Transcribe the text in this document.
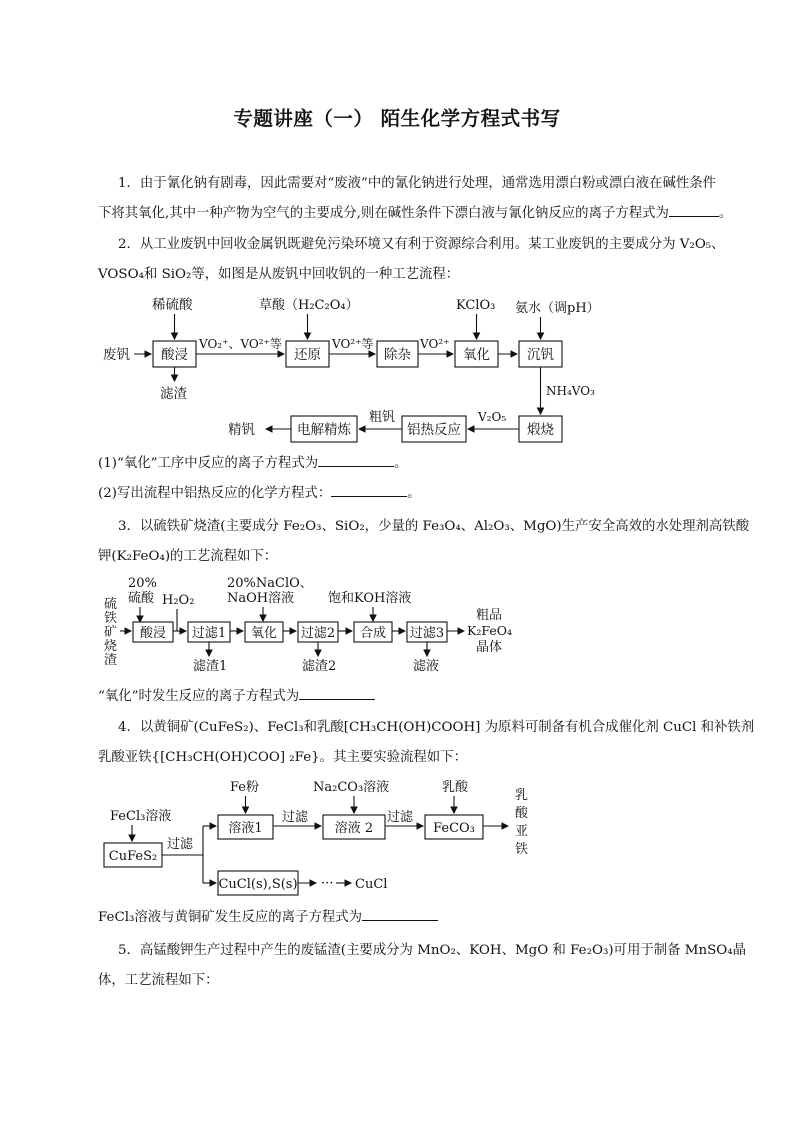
专题讲座（一） 陌生化学方程式书写
1．由于氰化钠有剧毒，因此需要对“废液”中的氰化钠进行处理，通常选用漂白粉或漂白液在碱性条件
下将其氧化,其中一种产物为空气的主要成分,则在碱性条件下漂白液与氰化钠反应的离子方程式为	。
2．从工业废钒中回收金属钒既避免污染环境又有利于资源综合利用。某工业废钒的主要成分为 V₂O₅、
VOSO₄和 SiO₂等，如图是从废钒中回收钒的一种工艺流程：
废钒 酸浸
稀硫酸
滤渣
VO₂⁺、VO²⁺等
还原
草酸（H₂C₂O₄）
VO²⁺等
除杂
VO²⁺
氧化
KClO₃
沉钒
氨水（调pH）
NH₄VO₃
煅烧
V₂O₅
铝热反应
粗钒
电解精炼
精钒
硫
铁
矿
烧
渣
20%
硫酸
酸浸
H₂O₂
过滤1
滤渣1
20%NaClO、
NaOH溶液
氧化 过滤2
滤渣2
饱和KOH溶液
合成 过滤3
滤液
粗品
K₂FeO₄
晶体
FeCl₃溶液
CuFeS₂
过滤
溶液1
Fe粉
过滤
溶液 2
Na₂CO₃溶液
过滤
FeCO₃
乳酸
乳
酸
亚
铁
CuCl(s),S(s) ··· CuCl
(1)“氧化”工序中反应的离子方程式为	。
(2)写出流程中铝热反应的化学方程式：	。
3．以硫铁矿烧渣(主要成分 Fe₂O₃、SiO₂，少量的 Fe₃O₄、Al₂O₃、MgO)生产安全高效的水处理剂高铁酸
钾(K₂FeO₄)的工艺流程如下：
“氧化”时发生反应的离子方程式为
4．以黄铜矿(CuFeS₂)、FeCl₃和乳酸[CH₃CH(OH)COOH] 为原料可制备有机合成催化剂 CuCl 和补铁剂
乳酸亚铁{[CH₃CH(OH)COO] ₂Fe}。其主要实验流程如下：
FeCl₃溶液与黄铜矿发生反应的离子方程式为
5．高锰酸钾生产过程中产生的废锰渣(主要成分为 MnO₂、KOH、MgO 和 Fe₂O₃)可用于制备 MnSO₄晶
体，工艺流程如下：
